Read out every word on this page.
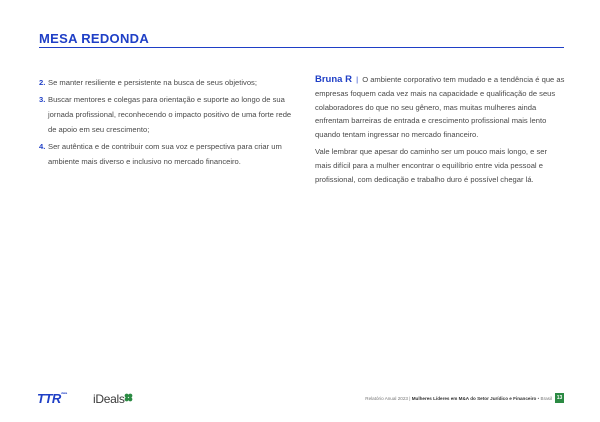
MESA REDONDA
2. Se manter resiliente e persistente na busca de seus objetivos;
3. Buscar mentores e colegas para orientação e suporte ao longo de sua jornada profissional, reconhecendo o impacto positivo de uma forte rede de apoio em seu crescimento;
4. Ser autêntica e de contribuir com sua voz e perspectiva para criar um ambiente mais diverso e inclusivo no mercado financeiro.

Bruna R | O ambiente corporativo tem mudado e a tendência é que as empresas foquem cada vez mais na capacidade e qualificação de seus colaboradores do que no seu gênero, mas muitas mulheres ainda enfrentam barreiras de entrada e crescimento profissional mais lento quando tentam ingressar no mercado financeiro.

Vale lembrar que apesar do caminho ser um pouco mais longo, e ser mais difícil para a mulher encontrar o equilíbrio entre vida pessoal e profissional, com dedicação e trabalho duro é possível chegar lá.

TTR data iDeals	Relatório Anual 2023 | Mulheres Líderes em M&A do Setor Jurídico e Financeiro • Brasil 13
